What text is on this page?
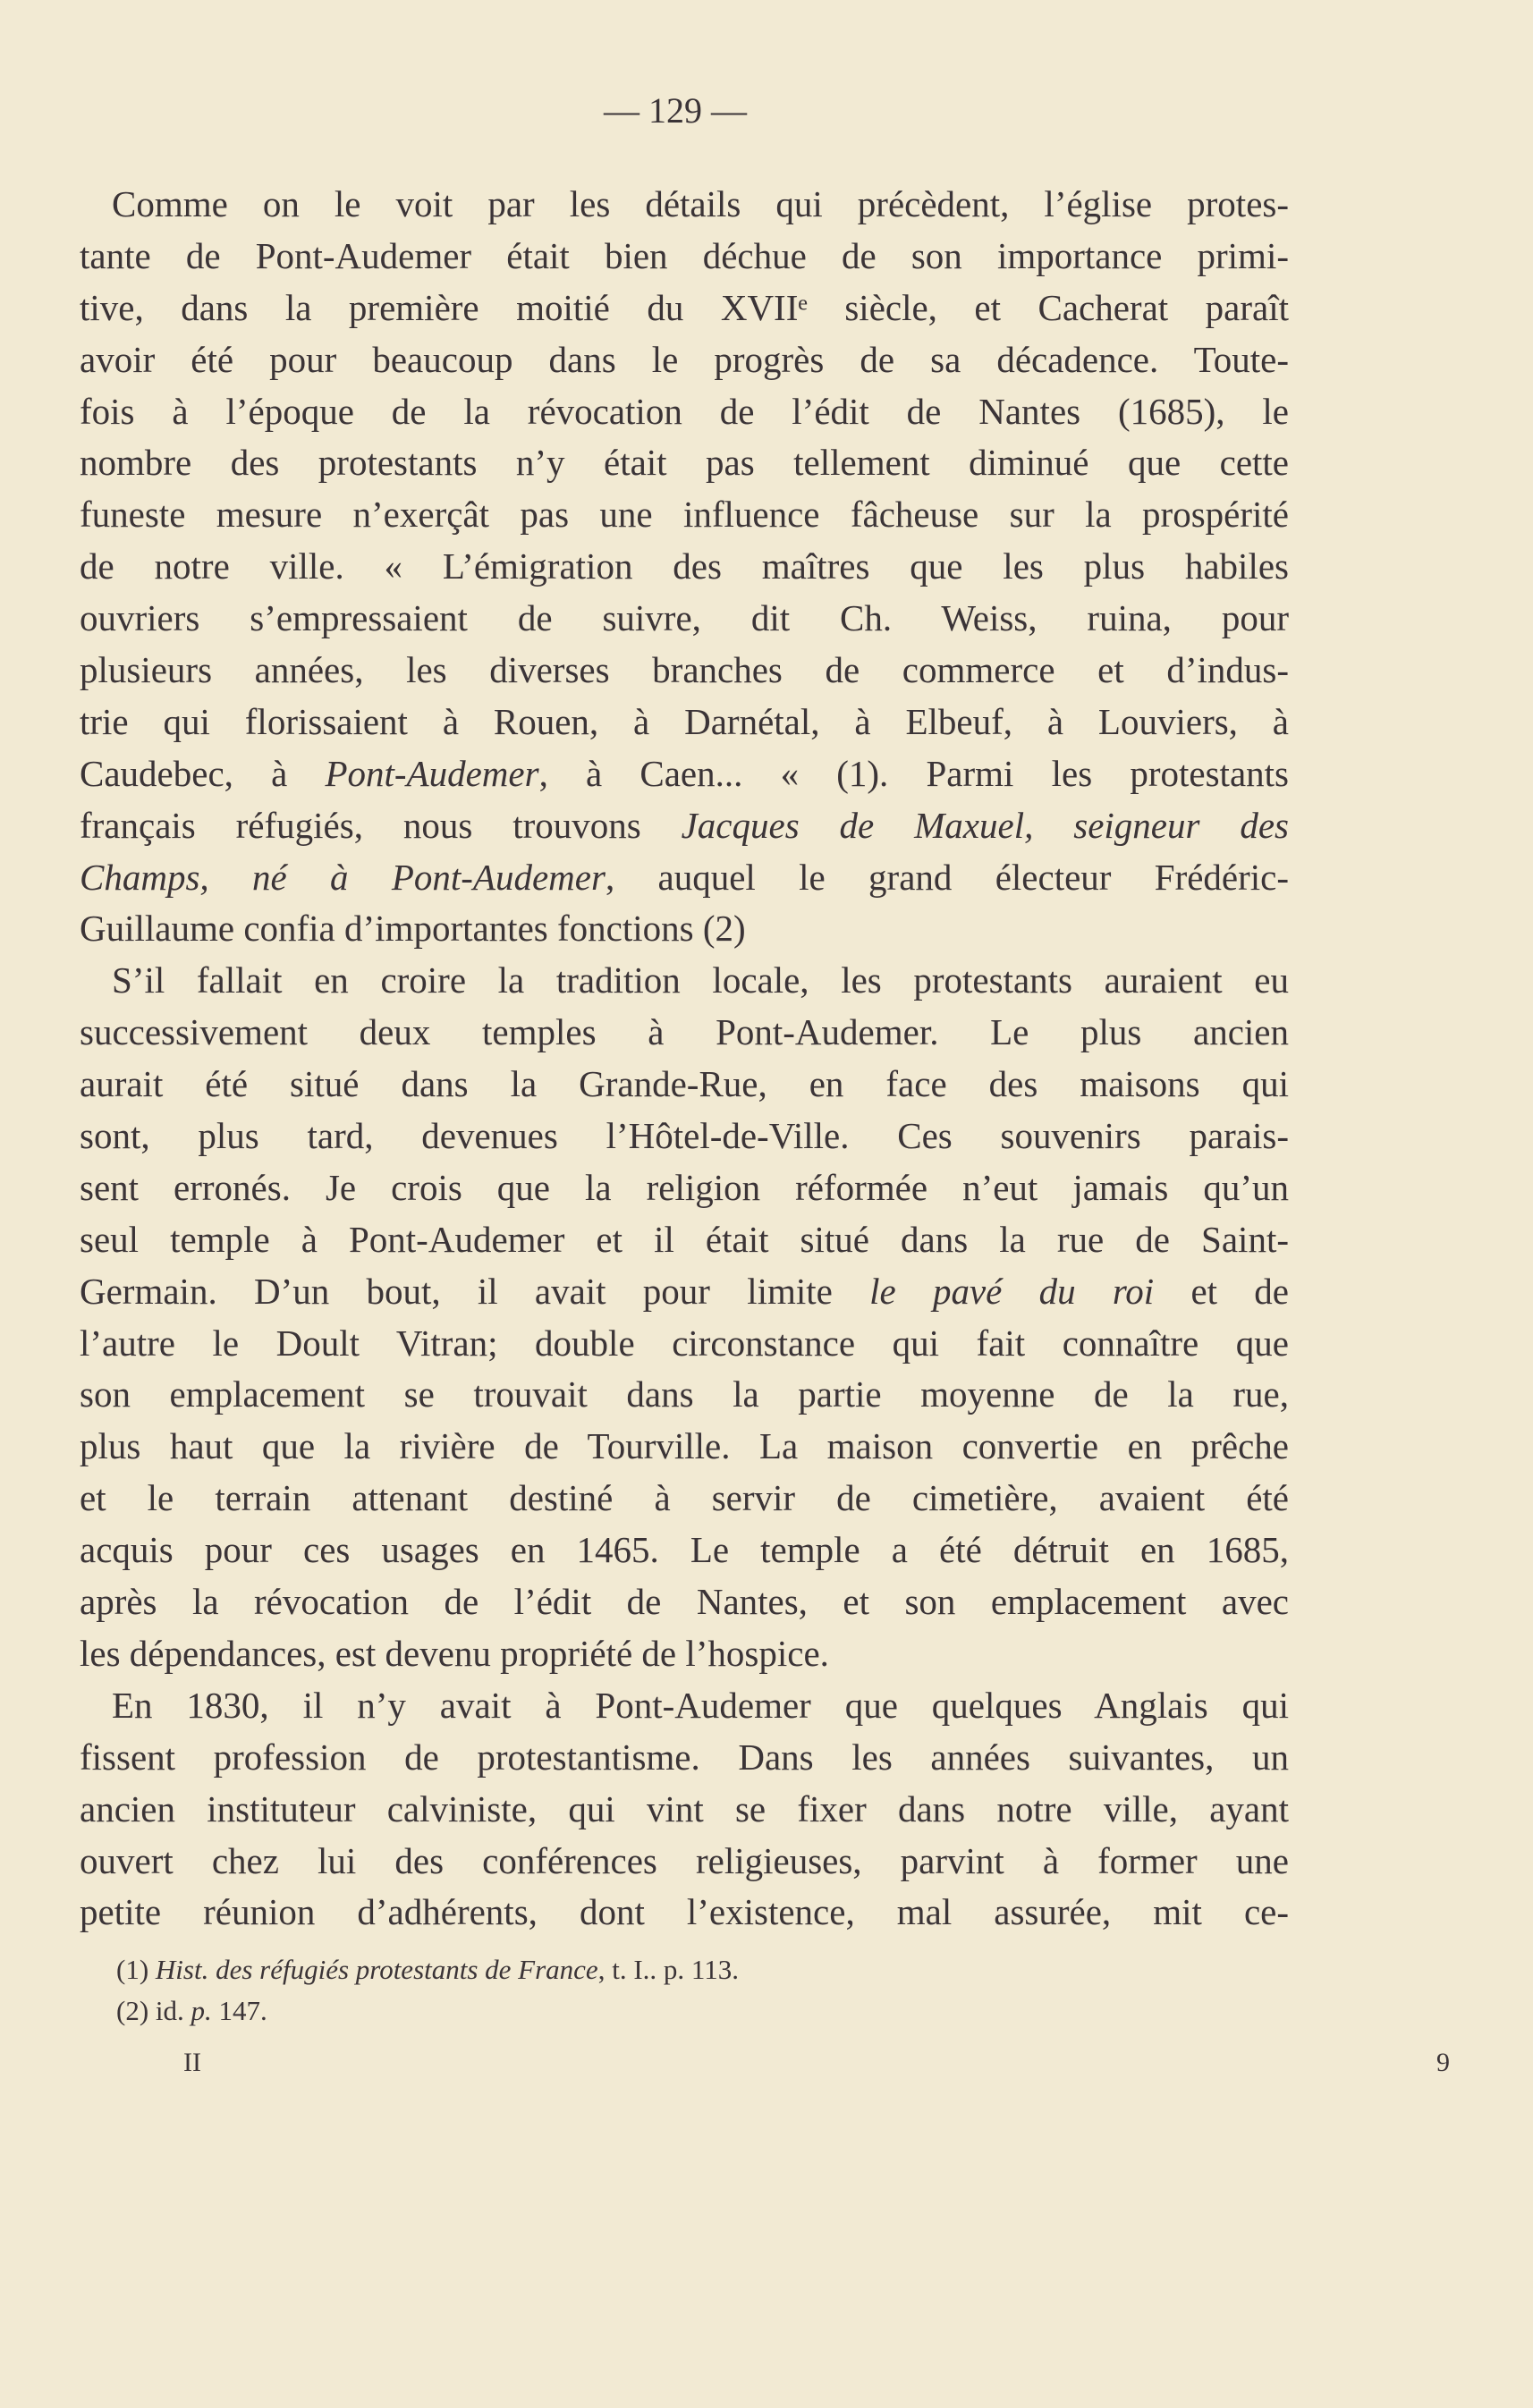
— 129 —
Comme on le voit par les détails qui précèdent, l’église protes-
tante de Pont-Audemer était bien déchue de son importance primi-
tive, dans la première moitié du XVIIᵉ siècle, et Cacherat paraît
avoir été pour beaucoup dans le progrès de sa décadence. Toute-
fois à l’époque de la révocation de l’édit de Nantes (1685), le
nombre des protestants n’y était pas tellement diminué que cette
funeste mesure n’exerçât pas une influence fâcheuse sur la prospérité
de notre ville. « L’émigration des maîtres que les plus habiles
ouvriers s’empressaient de suivre, dit Ch. Weiss, ruina, pour
plusieurs années, les diverses branches de commerce et d’indus-
trie qui florissaient à Rouen, à Darnétal, à Elbeuf, à Louviers, à
Caudebec, à Pont-Audemer, à Caen... « (1). Parmi les protestants
français réfugiés, nous trouvons Jacques de Maxuel, seigneur des
Champs, né à Pont-Audemer, auquel le grand électeur Frédéric-
Guillaume confia d’importantes fonctions (2)
S’il fallait en croire la tradition locale, les protestants auraient eu
successivement deux temples à Pont-Audemer. Le plus ancien
aurait été situé dans la Grande-Rue, en face des maisons qui
sont, plus tard, devenues l’Hôtel-de-Ville. Ces souvenirs parais-
sent erronés. Je crois que la religion réformée n’eut jamais qu’un
seul temple à Pont-Audemer et il était situé dans la rue de Saint-
Germain. D’un bout, il avait pour limite le pavé du roi et de
l’autre le Doult Vitran; double circonstance qui fait connaître que
son emplacement se trouvait dans la partie moyenne de la rue,
plus haut que la rivière de Tourville. La maison convertie en prêche
et le terrain attenant destiné à servir de cimetière, avaient été
acquis pour ces usages en 1465. Le temple a été détruit en 1685,
après la révocation de l’édit de Nantes, et son emplacement avec
les dépendances, est devenu propriété de l’hospice.
En 1830, il n’y avait à Pont-Audemer que quelques Anglais qui
fissent profession de protestantisme. Dans les années suivantes, un
ancien instituteur calviniste, qui vint se fixer dans notre ville, ayant
ouvert chez lui des conférences religieuses, parvint à former une
petite réunion d’adhérents, dont l’existence, mal assurée, mit ce-
(1) Hist. des réfugiés protestants de France, t. I.. p. 113.
(2) id. p. 147.
II	9
